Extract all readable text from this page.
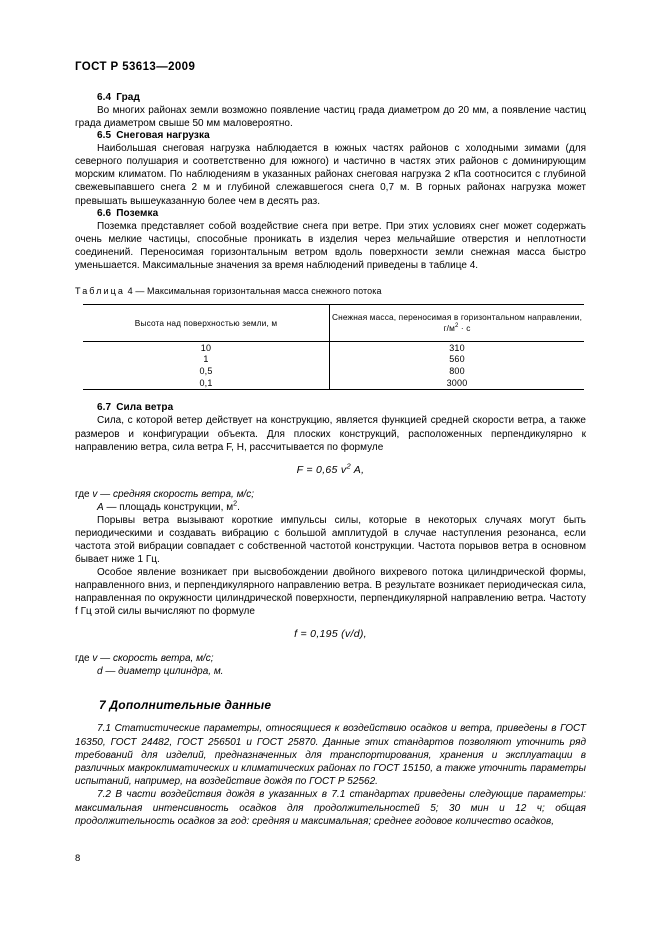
ГОСТ Р 53613—2009
6.4 Град

Во многих районах земли возможно появление частиц града диаметром до 20 мм, а появление частиц града диаметром свыше 50 мм маловероятно.

6.5 Снеговая нагрузка

Наибольшая снеговая нагрузка наблюдается в южных частях районов с холодными зимами (для северного полушария и соответственно для южного) и частично в частях этих районов с доминирующим морским климатом. По наблюдениям в указанных районах снеговая нагрузка 2 кПа соотносится с глубиной свежевыпавшего снега 2 м и глубиной слежавшегося снега 0,7 м. В горных районах нагрузка может превышать вышеуказанную более чем в десять раз.

6.6 Поземка

Поземка представляет собой воздействие снега при ветре. При этих условиях снег может содержать очень мелкие частицы, способные проникать в изделия через мельчайшие отверстия и неплотности соединений. Переносимая горизонтальным ветром вдоль поверхности земли снежная масса быстро уменьшается. Максимальные значения за время наблюдений приведены в таблице 4.

Таблица 4 — Максимальная горизонтальная масса снежного потока

Высота над поверхностью земли, м	Снежная масса, переносимая в горизонтальном направлении,
$г/м^2 \cdot с$
10	310
1	560
0,5	800
0,1	3000
6.7 Сила ветра

Сила, с которой ветер действует на конструкцию, является функцией средней скорости ветра, а также размеров и конфигурации объекта. Для плоских конструкций, расположенных перпендикулярно к направлению ветра, сила ветра F, Н, рассчитывается по формуле

F = 0,65 $v^2$ A,

где v — средняя скорость ветра, м/с;

A — площадь конструкции, $м^2$.

Порывы ветра вызывают короткие импульсы силы, которые в некоторых случаях могут быть периодическими и создавать вибрацию с большой амплитудой в случае наступления резонанса, если частота этой вибрации совпадает с собственной частотой конструкции. Частота порывов ветра в основном бывает ниже 1 Гц.

Особое явление возникает при высвобождении двойного вихревого потока цилиндрической формы, направленного вниз, и перпендикулярного направлению ветра. В результате возникает периодическая сила, направленная по окружности цилиндрической поверхности, перпендикулярной направлению ветра. Частоту f Гц этой силы вычисляют по формуле

f = 0,195 (v/d),

где v — скорость ветра, м/с;

d — диаметр цилиндра, м.

7 Дополнительные данные

7.1 Статистические параметры, относящиеся к воздействию осадков и ветра, приведены в ГОСТ 16350, ГОСТ 24482, ГОСТ 256501 и ГОСТ 25870. Данные этих стандартов позволяют уточнить ряд требований для изделий, предназначенных для транспортирования, хранения и эксплуатации в различных макроклиматических и климатических районах по ГОСТ 15150, а также уточнить параметры испытаний, например, на воздействие дождя по ГОСТ Р 52562.

7.2 В части воздействия дождя в указанных в 7.1 стандартах приведены следующие параметры: максимальная интенсивность осадков для продолжительностей 5; 30 мин и 12 ч; общая продолжительность осадков за год: средняя и максимальная; среднее годовое количество осадков,

8
